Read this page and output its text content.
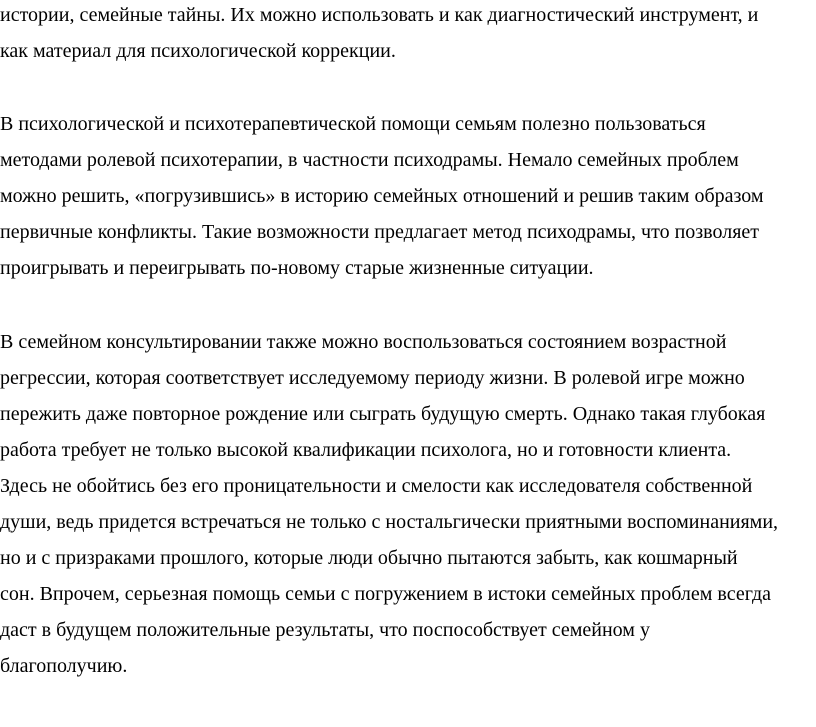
истории, семейные тайны. Их можно использовать и как диагностический инструмент, и
как материал для психологической коррекции.
В психологической и психотерапевтической помощи семьям полезно пользоваться
методами ролевой психотерапии, в частности психодрамы. Немало семейных проблем
можно решить, «погрузившись» в историю семейных отношений и решив таким образом
первичные конфликты. Такие возможности предлагает метод психодрамы, что позволяет
проигрывать и переигрывать по-новому старые жизненные ситуации.
В семейном консультировании также можно воспользоваться состоянием возрастной
регрессии, которая соответствует исследуемому периоду жизни. В ролевой игре можно
пережить даже повторное рождение или сыграть будущую смерть. Однако такая глубокая
работа требует не только высокой квалификации психолога, но и готовности клиента.
Здесь не обойтись без его проницательности и смелости как исследователя собственной
души, ведь придется встречаться не только с ностальгически приятными воспоминаниями,
но и с призраками прошлого, которые люди обычно пытаются забыть, как кошмарный
сон. Впрочем, серьезная помощь семьи с погружением в истоки семейных проблем всегда
даст в будущем положительные результаты, что поспособствует семейном у
благополучию.
